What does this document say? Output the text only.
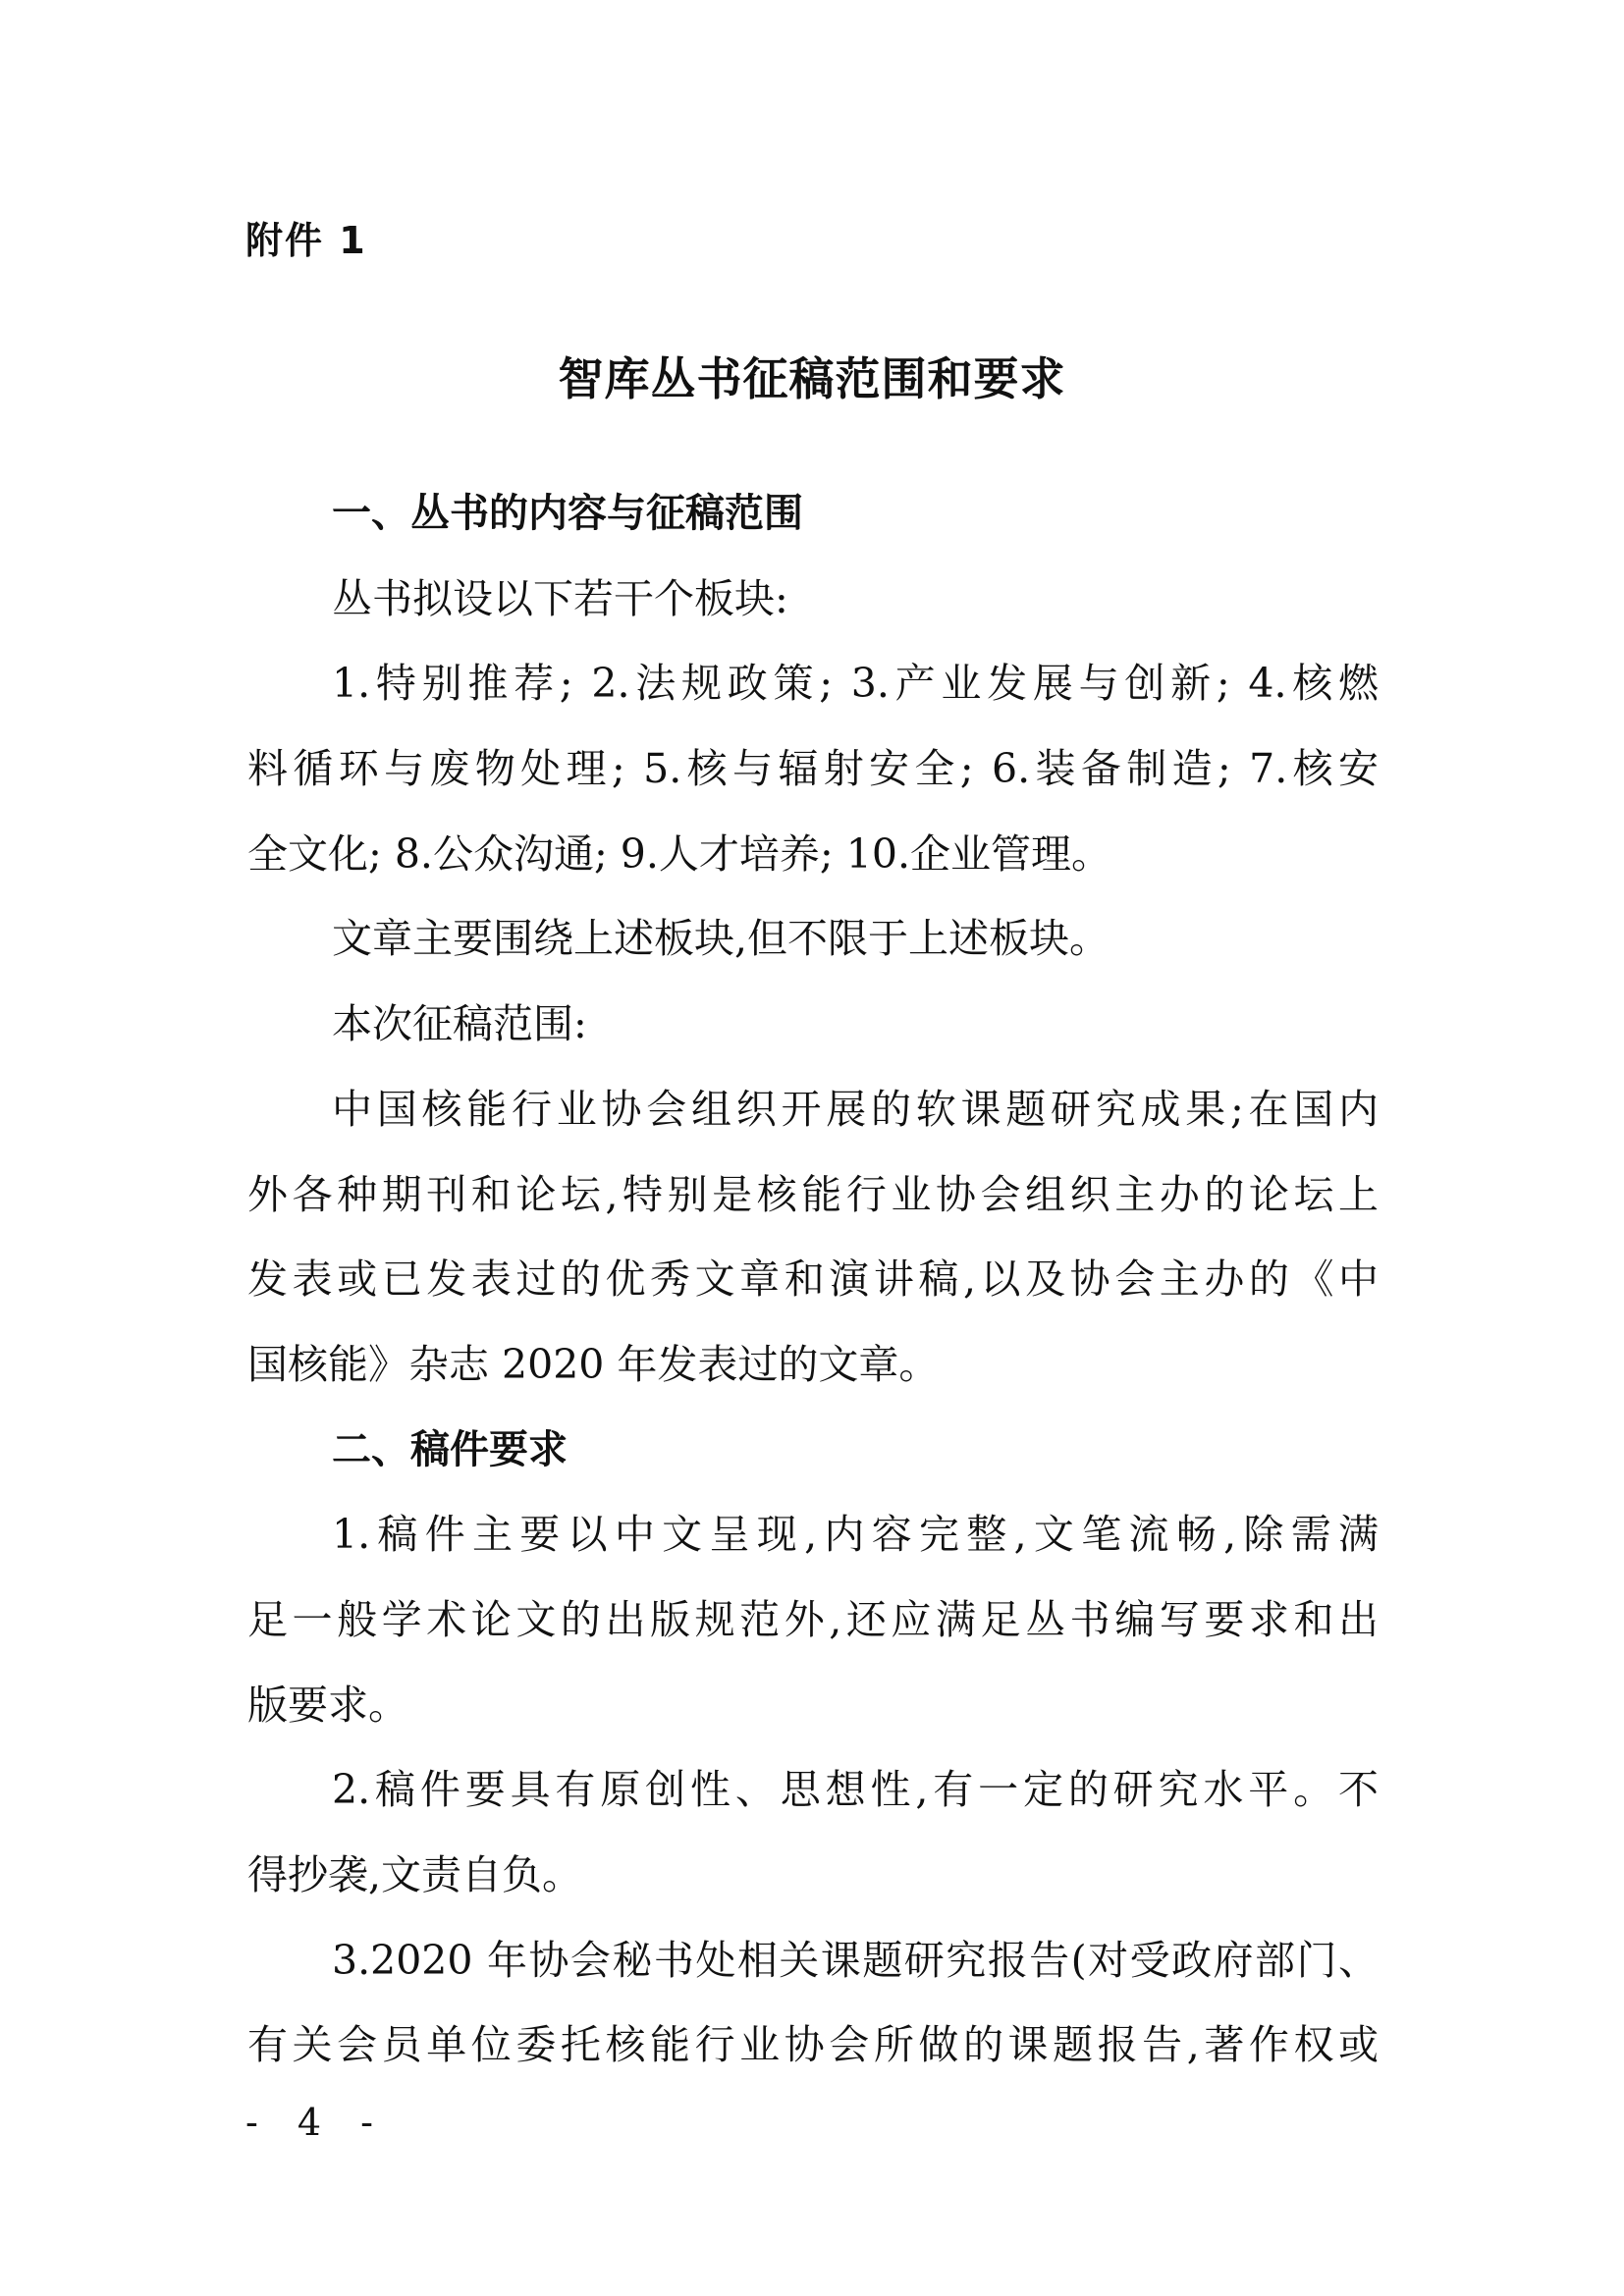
附件 1
智库丛书征稿范围和要求
一、丛书的内容与征稿范围
丛书拟设以下若干个板块:
1.特别推荐; 2.法规政策; 3.产业发展与创新; 4.核燃
料循环与废物处理; 5.核与辐射安全; 6.装备制造; 7.核安
全文化; 8.公众沟通; 9.人才培养; 10.企业管理。
文章主要围绕上述板块,但不限于上述板块。
本次征稿范围:
中国核能行业协会组织开展的软课题研究成果;在国内
外各种期刊和论坛,特别是核能行业协会组织主办的论坛上
发表或已发表过的优秀文章和演讲稿,以及协会主办的《中
国核能》杂志 2020 年发表过的文章。
二、稿件要求
1.稿件主要以中文呈现,内容完整,文笔流畅,除需满
足一般学术论文的出版规范外,还应满足丛书编写要求和出
版要求。
2.稿件要具有原创性、思想性,有一定的研究水平。不
得抄袭,文责自负。
3.2020 年协会秘书处相关课题研究报告(对受政府部门、
有关会员单位委托核能行业协会所做的课题报告,著作权或
- 4 -
